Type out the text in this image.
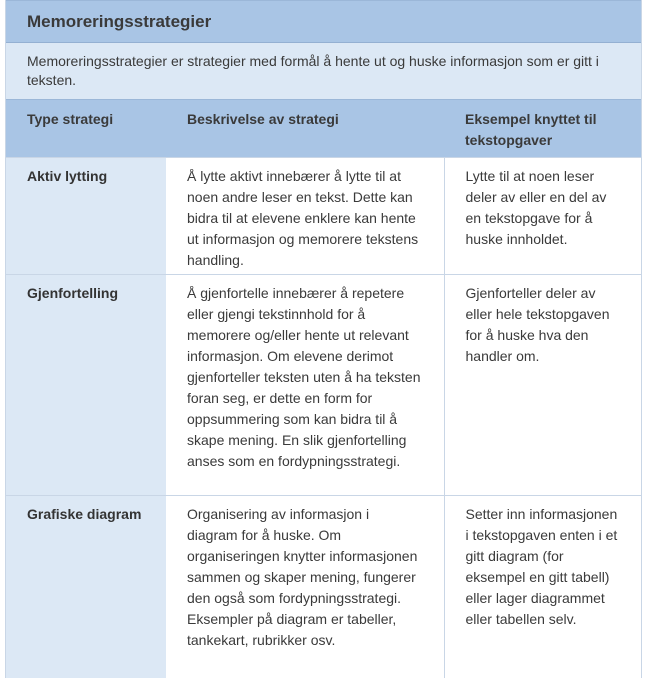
Memoreringsstrategier
Memoreringsstrategier er strategier med formål å hente ut og huske informasjon som er gitt i teksten.
Type strategi	Beskrivelse av strategi	Eksempel knyttet til tekstopgaver
Aktiv lytting	Å lytte aktivt innebærer å lytte til at noen andre leser en tekst. Dette kan bidra til at elevene enklere kan hente ut informasjon og memorere tekstens handling.	Lytte til at noen leser deler av eller en del av en tekstopgave for å huske innholdet.
Gjenfortelling	Å gjenfortelle innebærer å repetere eller gjengi tekstinnhold for å memorere og/eller hente ut relevant informasjon. Om elevene derimot gjenforteller teksten uten å ha teksten foran seg, er dette en form for oppsummering som kan bidra til å skape mening. En slik gjenfortelling anses som en fordypningsstrategi.	Gjenforteller deler av eller hele tekstopgaven for å huske hva den handler om.
Grafiske diagram	Organisering av informasjon i diagram for å huske. Om organiseringen knytter informasjonen sammen og skaper mening, fungerer den også som fordypningsstrategi. Eksempler på diagram er tabeller, tankekart, rubrikker osv.	Setter inn informasjonen i tekstopgaven enten i et gitt diagram (for eksempel en gitt tabell) eller lager diagrammet eller tabellen selv.
